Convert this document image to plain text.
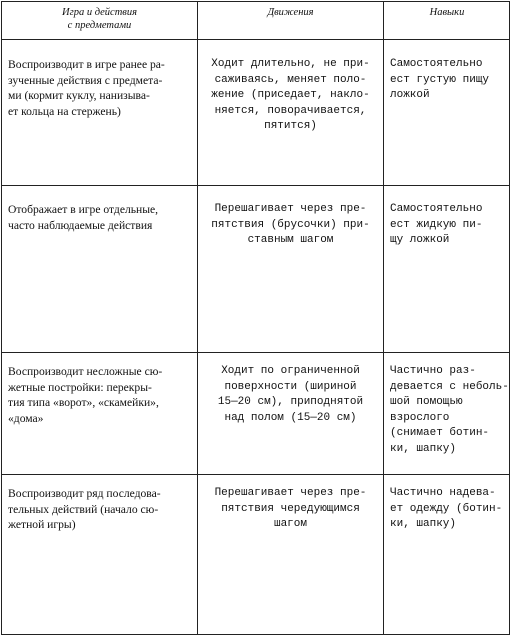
Игра и действия
с предметами
Движения	Навыки
Воспроизводит в игре ранее ра-
зученные действия с предмета-
ми (кормит куклу, нанизыва-
ет кольца на стержень)
Ходит длительно, не при-
саживаясь, меняет поло-
жение (приседает, накло-
няется, поворачивается,
пятится)
Самостоятельно
ест густую пищу
ложкой
Отображает в игре отдельные,
часто наблюдаемые действия
Перешагивает через пре-
пятствия (брусочки) при-
ставным шагом
Самостоятельно
ест жидкую пи-
щу ложкой
Воспроизводит несложные сю-
жетные постройки: перекры-
тия типа «ворот», «скамейки»,
«дома»
Ходит по ограниченной
поверхности (шириной
15—20 см), приподнятой
над полом (15—20 см)
Частично раз-
девается с неболь-
шой помощью
взрослого
(снимает ботин-
ки, шапку)
Воспроизводит ряд последова-
тельных действий (начало сю-
жетной игры)
Перешагивает через пре-
пятствия чередующимся
шагом
Частично надева-
ет одежду (ботин-
ки, шапку)
